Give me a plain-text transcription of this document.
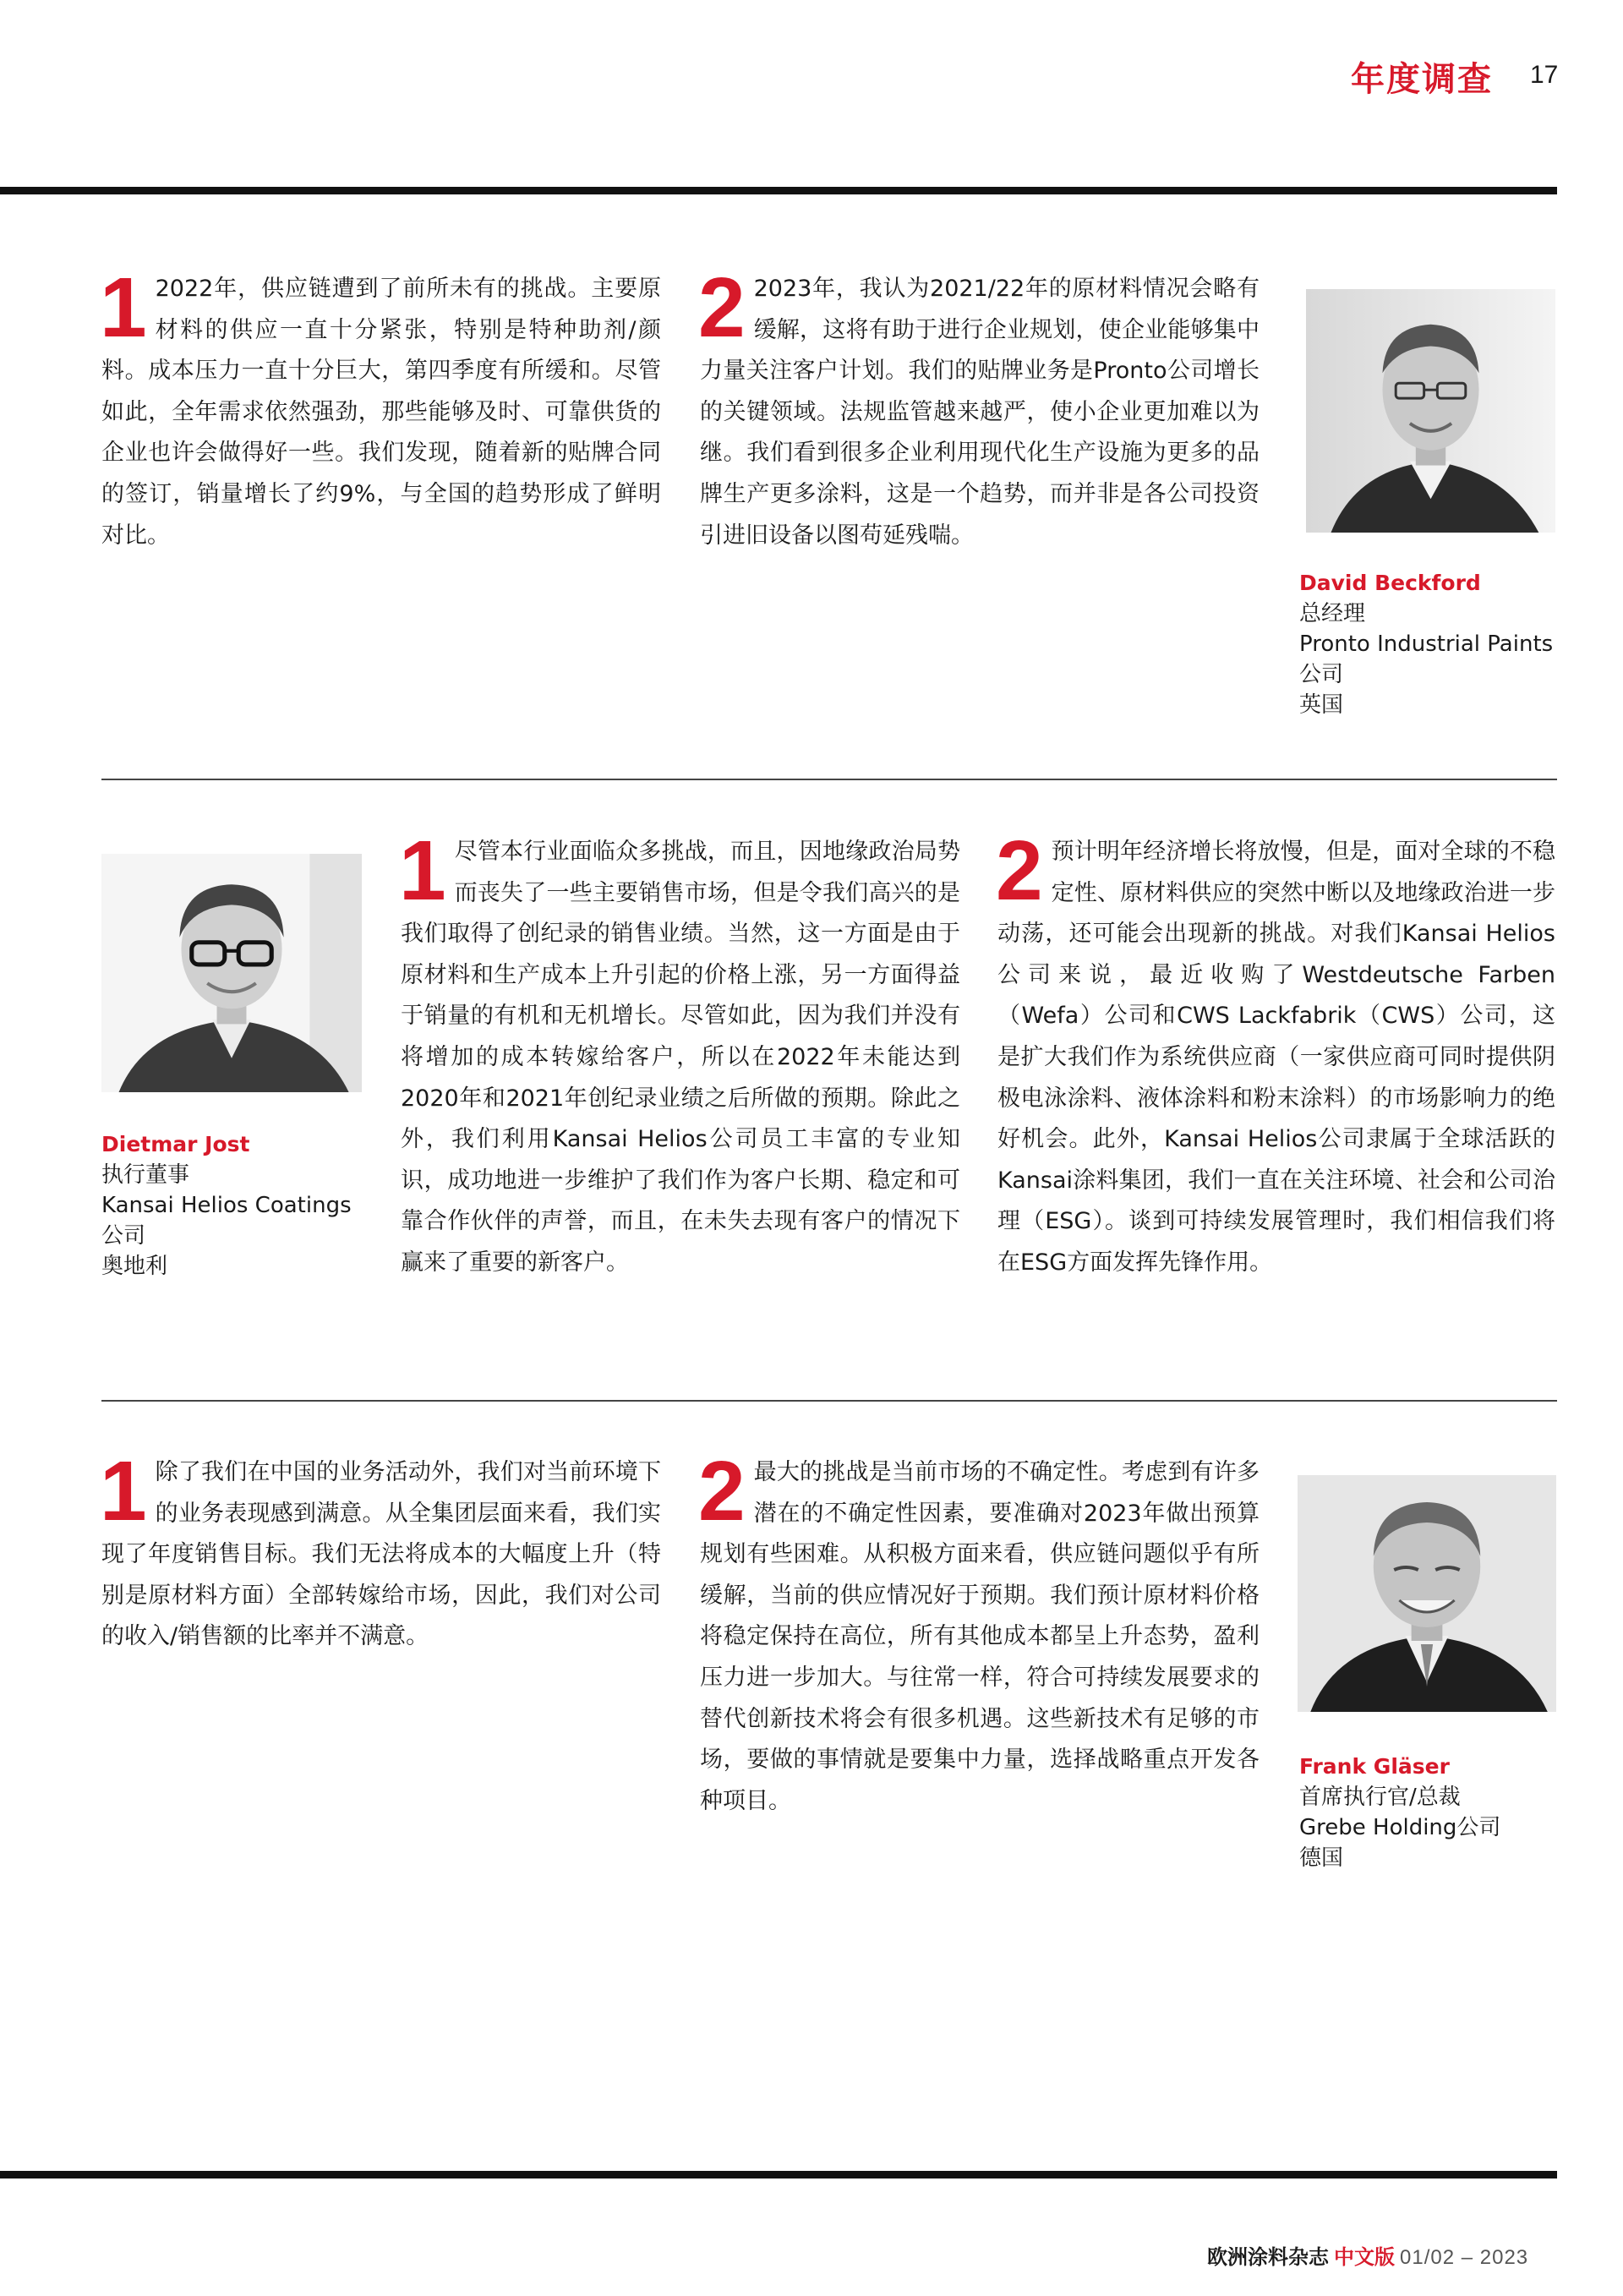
年度调查 17
1 2022年，供应链遭到了前所未有的挑战。主要原材料的供应一直十分紧张，特别是特种助剂/颜料。成本压力一直十分巨大，第四季度有所缓和。尽管如此，全年需求依然强劲，那些能够及时、可靠供货的企业也许会做得好一些。我们发现，随着新的贴牌合同的签订，销量增长了约9%，与全国的趋势形成了鲜明对比。
2 2023年，我认为2021/22年的原材料情况会略有缓解，这将有助于进行企业规划，使企业能够集中力量关注客户计划。我们的贴牌业务是Pronto公司增长的关键领域。法规监管越来越严，使小企业更加难以为继。我们看到很多企业利用现代化生产设施为更多的品牌生产更多涂料，这是一个趋势，而并非是各公司投资引进旧设备以图苟延残喘。
David Beckford
总经理
Pronto Industrial Paints
公司
英国
Dietmar Jost
执行董事
Kansai Helios Coatings
公司
奥地利
1 尽管本行业面临众多挑战，而且，因地缘政治局势而丧失了一些主要销售市场，但是令我们高兴的是我们取得了创纪录的销售业绩。当然，这一方面是由于原材料和生产成本上升引起的价格上涨，另一方面得益于销量的有机和无机增长。尽管如此，因为我们并没有将增加的成本转嫁给客户，所以在2022年未能达到2020年和2021年创纪录业绩之后所做的预期。除此之外，我们利用Kansai Helios公司员工丰富的专业知识，成功地进一步维护了我们作为客户长期、稳定和可靠合作伙伴的声誉，而且，在未失去现有客户的情况下赢来了重要的新客户。
2 预计明年经济增长将放慢，但是，面对全球的不稳定性、原材料供应的突然中断以及地缘政治进一步动荡，还可能会出现新的挑战。对我们Kansai Helios公司来说，最近收购了Westdeutsche Farben（Wefa）公司和CWS Lackfabrik（CWS）公司，这是扩大我们作为系统供应商（一家供应商可同时提供阴极电泳涂料、液体涂料和粉末涂料）的市场影响力的绝好机会。此外，Kansai Helios公司隶属于全球活跃的Kansai涂料集团，我们一直在关注环境、社会和公司治理（ESG）。谈到可持续发展管理时，我们相信我们将在ESG方面发挥先锋作用。
1 除了我们在中国的业务活动外，我们对当前环境下的业务表现感到满意。从全集团层面来看，我们实现了年度销售目标。我们无法将成本的大幅度上升（特别是原材料方面）全部转嫁给市场，因此，我们对公司的收入/销售额的比率并不满意。
2 最大的挑战是当前市场的不确定性。考虑到有许多潜在的不确定性因素，要准确对2023年做出预算规划有些困难。从积极方面来看，供应链问题似乎有所缓解，当前的供应情况好于预期。我们预计原材料价格将稳定保持在高位，所有其他成本都呈上升态势，盈利压力进一步加大。与往常一样，符合可持续发展要求的替代创新技术将会有很多机遇。这些新技术有足够的市场，要做的事情就是要集中力量，选择战略重点开发各种项目。
Frank Gläser
首席执行官/总裁
Grebe Holding公司
德国
欧洲涂料杂志 中文版 01/02 – 2023
